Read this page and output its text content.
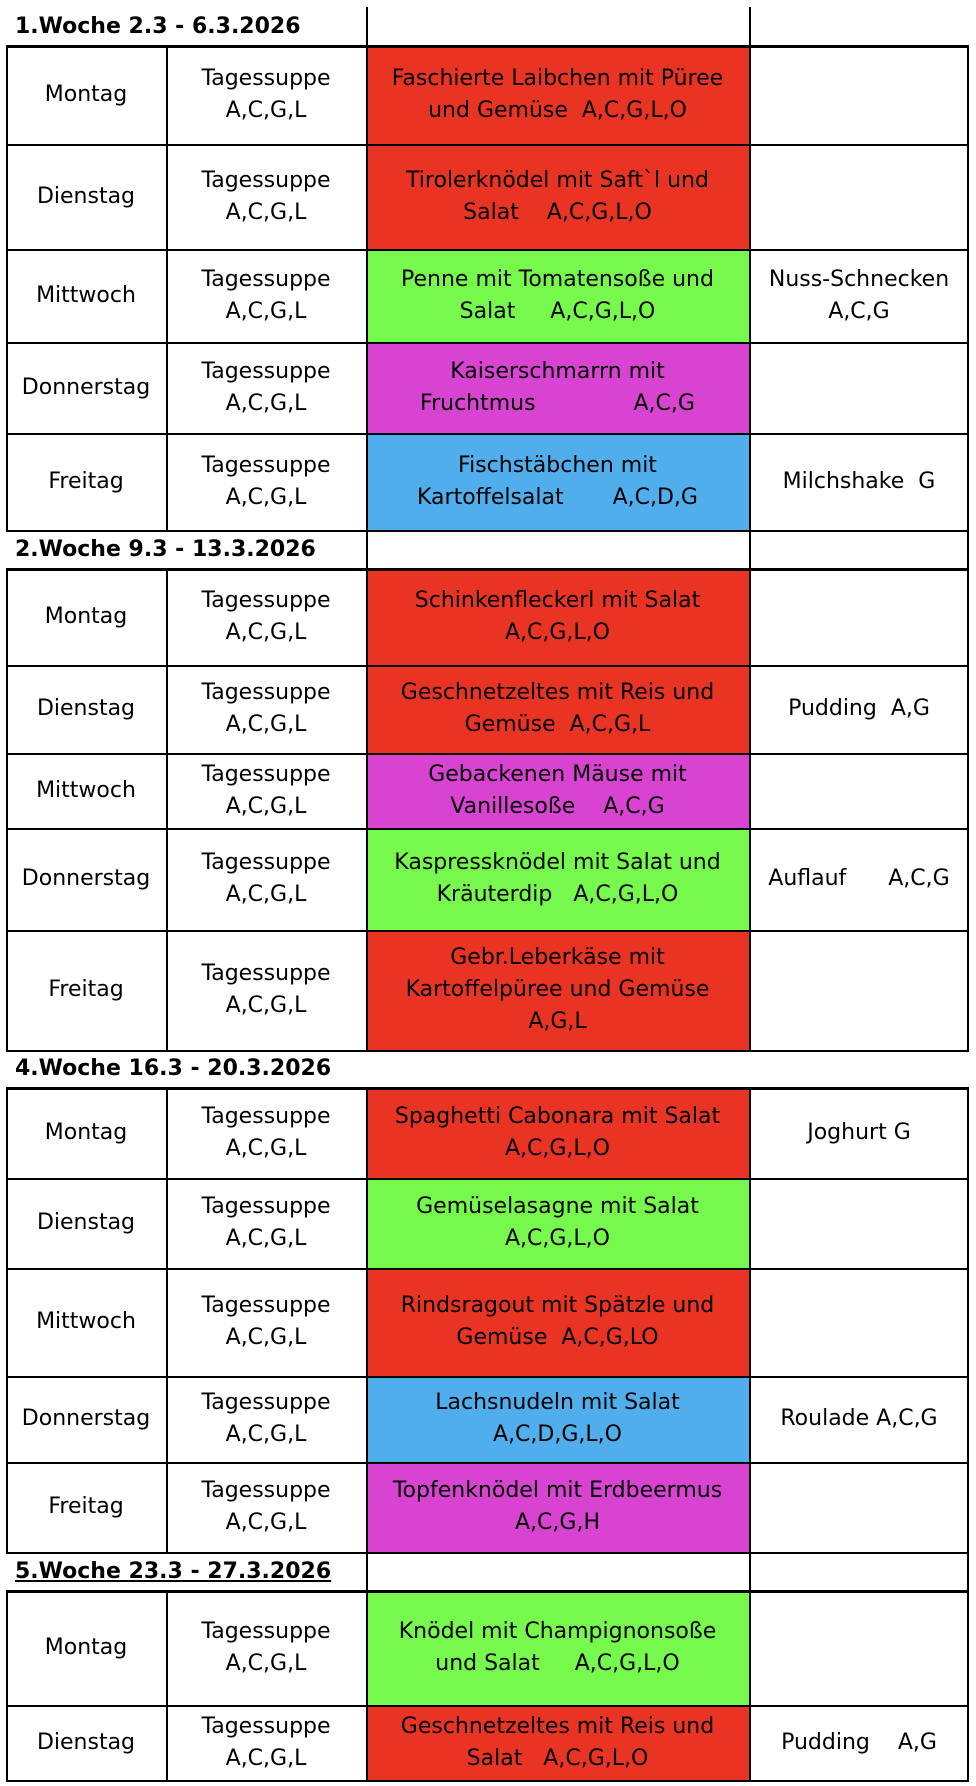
1.Woche 2.3 - 6.3.2026
Montag
Tagessuppe
A,C,G,L
Faschierte Laibchen mit Püree
und Gemüse  A,C,G,L,O
Dienstag
Tagessuppe
A,C,G,L
Tirolerknödel mit Saft`l und
Salat    A,C,G,L,O
Mittwoch
Tagessuppe
A,C,G,L
Penne mit Tomatensoße und
Salat     A,C,G,L,O
Nuss-Schnecken
A,C,G
Donnerstag
Tagessuppe
A,C,G,L
Kaiserschmarrn mit
Fruchtmus              A,C,G
Freitag
Tagessuppe
A,C,G,L
Fischstäbchen mit
Kartoffelsalat       A,C,D,G
Milchshake  G
2.Woche 9.3 - 13.3.2026
Montag
Tagessuppe
A,C,G,L
Schinkenfleckerl mit Salat
A,C,G,L,O
Dienstag
Tagessuppe
A,C,G,L
Geschnetzeltes mit Reis und
Gemüse  A,C,G,L
Pudding  A,G
Mittwoch
Tagessuppe
A,C,G,L
Gebackenen Mäuse mit
Vanillesoße    A,C,G
Donnerstag
Tagessuppe
A,C,G,L
Kaspressknödel mit Salat und
Kräuterdip   A,C,G,L,O
Auflauf      A,C,G
Freitag
Tagessuppe
A,C,G,L
Gebr.Leberkäse mit
Kartoffelpüree und Gemüse
A,G,L
4.Woche 16.3 - 20.3.2026
Montag
Tagessuppe
A,C,G,L
Spaghetti Cabonara mit Salat
A,C,G,L,O
Joghurt G
Dienstag
Tagessuppe
A,C,G,L
Gemüselasagne mit Salat
A,C,G,L,O
Mittwoch
Tagessuppe
A,C,G,L
Rindsragout mit Spätzle und
Gemüse  A,C,G,LO
Donnerstag
Tagessuppe
A,C,G,L
Lachsnudeln mit Salat
A,C,D,G,L,O
Roulade A,C,G
Freitag
Tagessuppe
A,C,G,L
Topfenknödel mit Erdbeermus
A,C,G,H
5.Woche 23.3 - 27.3.2026
Montag
Tagessuppe
A,C,G,L
Knödel mit Champignonsoße
und Salat     A,C,G,L,O
Dienstag
Tagessuppe
A,C,G,L
Geschnetzeltes mit Reis und
Salat   A,C,G,L,O
Pudding    A,G
